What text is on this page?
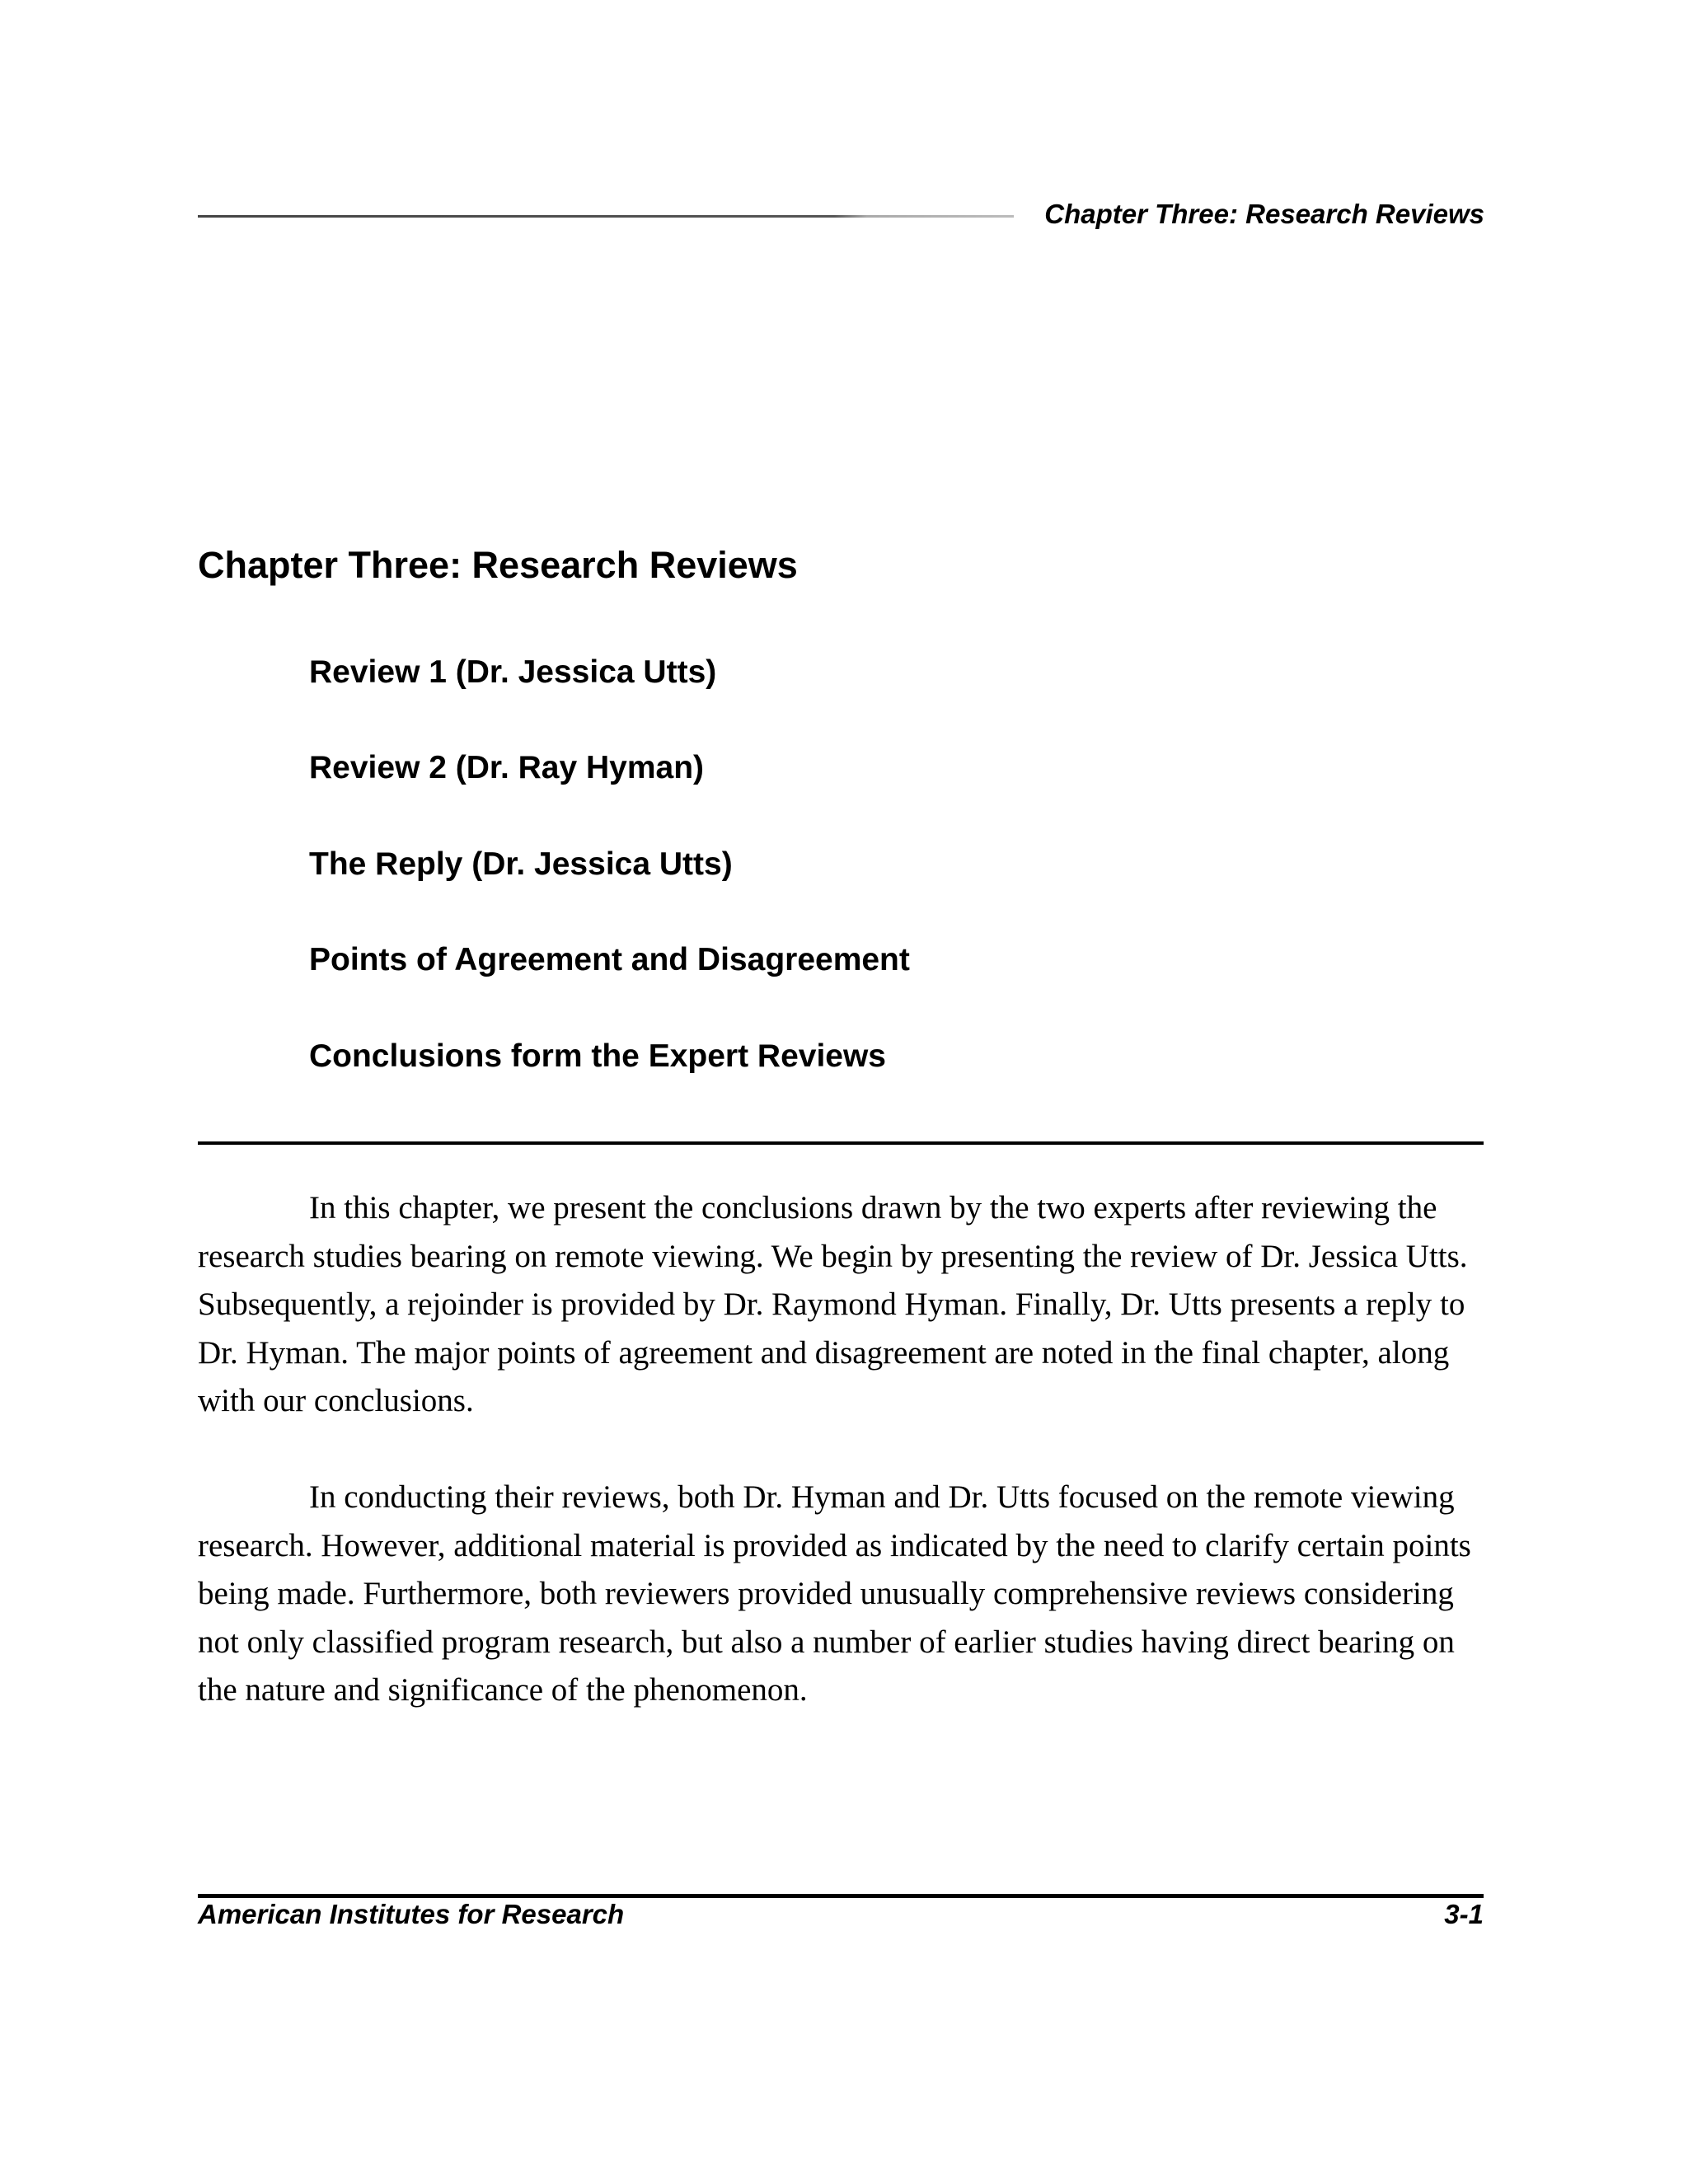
Chapter Three: Research Reviews
Chapter Three: Research Reviews
Review 1 (Dr. Jessica Utts)
Review 2 (Dr. Ray Hyman)
The Reply (Dr. Jessica Utts)
Points of Agreement and Disagreement
Conclusions form the Expert Reviews

In this chapter, we present the conclusions drawn by the two experts after reviewing the research studies bearing on remote viewing. We begin by presenting the review of Dr. Jessica Utts. Subsequently, a rejoinder is provided by Dr. Raymond Hyman. Finally, Dr. Utts presents a reply to Dr. Hyman. The major points of agreement and disagreement are noted in the final chapter, along with our conclusions.

In conducting their reviews, both Dr. Hyman and Dr. Utts focused on the remote viewing research. However, additional material is provided as indicated by the need to clarify certain points being made. Furthermore, both reviewers provided unusually comprehensive reviews considering not only classified program research, but also a number of earlier studies having direct bearing on the nature and significance of the phenomenon.

American Institutes for Research	3-1
